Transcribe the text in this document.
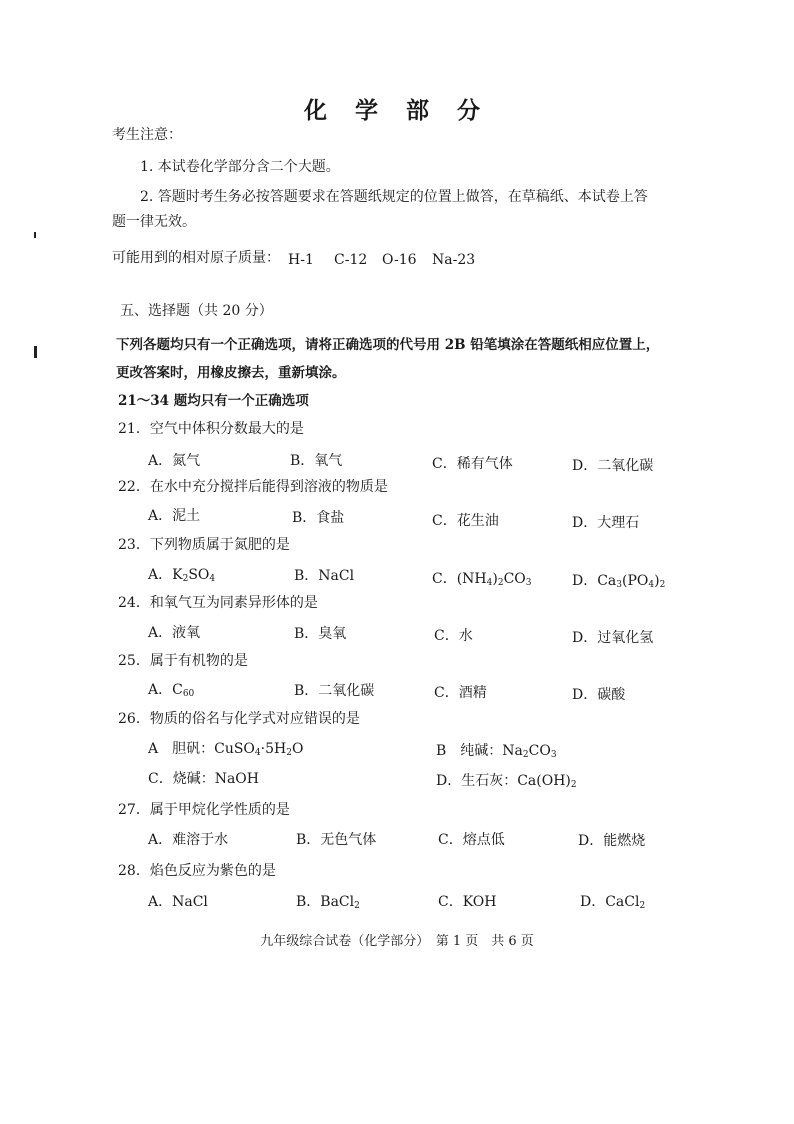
化 学 部 分
考生注意：
1. 本试卷化学部分含二个大题。
2. 答题时考生务必按答题要求在答题纸规定的位置上做答，在草稿纸、本试卷上答
题一律无效。
可能用到的相对原子质量： H-1 C-12 O-16 Na-23
五、选择题（共 20 分）
下列各题均只有一个正确选项，请将正确选项的代号用 2B 铅笔填涂在答题纸相应位置上，
更改答案时，用橡皮擦去，重新填涂。
21～34 题均只有一个正确选项
21．空气中体积分数最大的是
A．氮气	B．氧气	C．稀有气体	D．二氧化碳
22．在水中充分搅拌后能得到溶液的物质是
A．泥土	B．食盐	C．花生油	D．大理石
23．下列物质属于氮肥的是
A．$K_2SO_4$	B．NaCl	C．$(NH_4)_2CO_3$	D．$Ca_3(PO_4)_2$
24．和氧气互为同素异形体的是
A．液氧	B．臭氧	C．水	D．过氧化氢
25．属于有机物的是
A．$C_{60}$	B．二氧化碳	C．酒精	D．碳酸
26．物质的俗名与化学式对应错误的是
A　胆矾：$CuSO_4\cdot 5H_2O$	B　纯碱：$Na_2CO_3$
C．烧碱：NaOH	D．生石灰：$Ca(OH)_2$
27．属于甲烷化学性质的是
A．难溶于水	B．无色气体	C．熔点低	D．能燃烧
28．焰色反应为紫色的是
A．NaCl	B．BaCl$_2$	C．KOH	D．CaCl$_2$
九年级综合试卷（化学部分）　第 1 页　共 6 页
